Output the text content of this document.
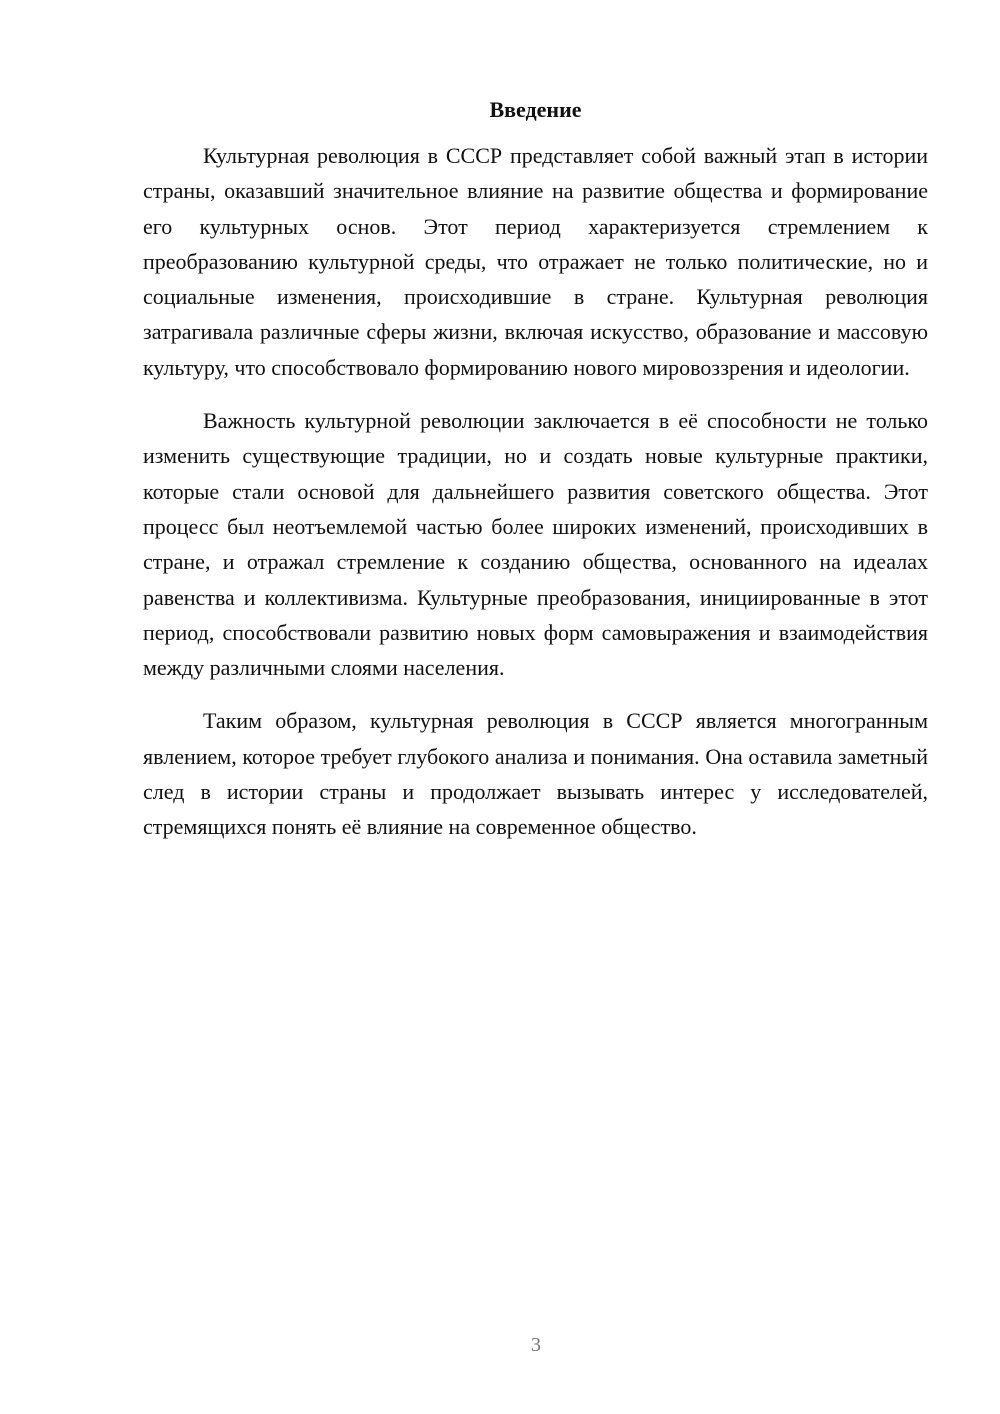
Введение

Культурная революция в СССР представляет собой важный этап в истории страны, оказавший значительное влияние на развитие общества и формирование его культурных основ. Этот период характеризуется стремлением к преобразованию культурной среды, что отражает не только политические, но и социальные изменения, происходившие в стране. Культурная революция затрагивала различные сферы жизни, включая искусство, образование и массовую культуру, что способствовало формированию нового мировоззрения и идеологии.

Важность культурной революции заключается в её способности не только изменить существующие традиции, но и создать новые культурные практики, которые стали основой для дальнейшего развития советского общества. Этот процесс был неотъемлемой частью более широких изменений, происходивших в стране, и отражал стремление к созданию общества, основанного на идеалах равенства и коллективизма. Культурные преобразования, инициированные в этот период, способствовали развитию новых форм самовыражения и взаимодействия между различными слоями населения.

Таким образом, культурная революция в СССР является многогранным явлением, которое требует глубокого анализа и понимания. Она оставила заметный след в истории страны и продолжает вызывать интерес у исследователей, стремящихся понять её влияние на современное общество.

3
